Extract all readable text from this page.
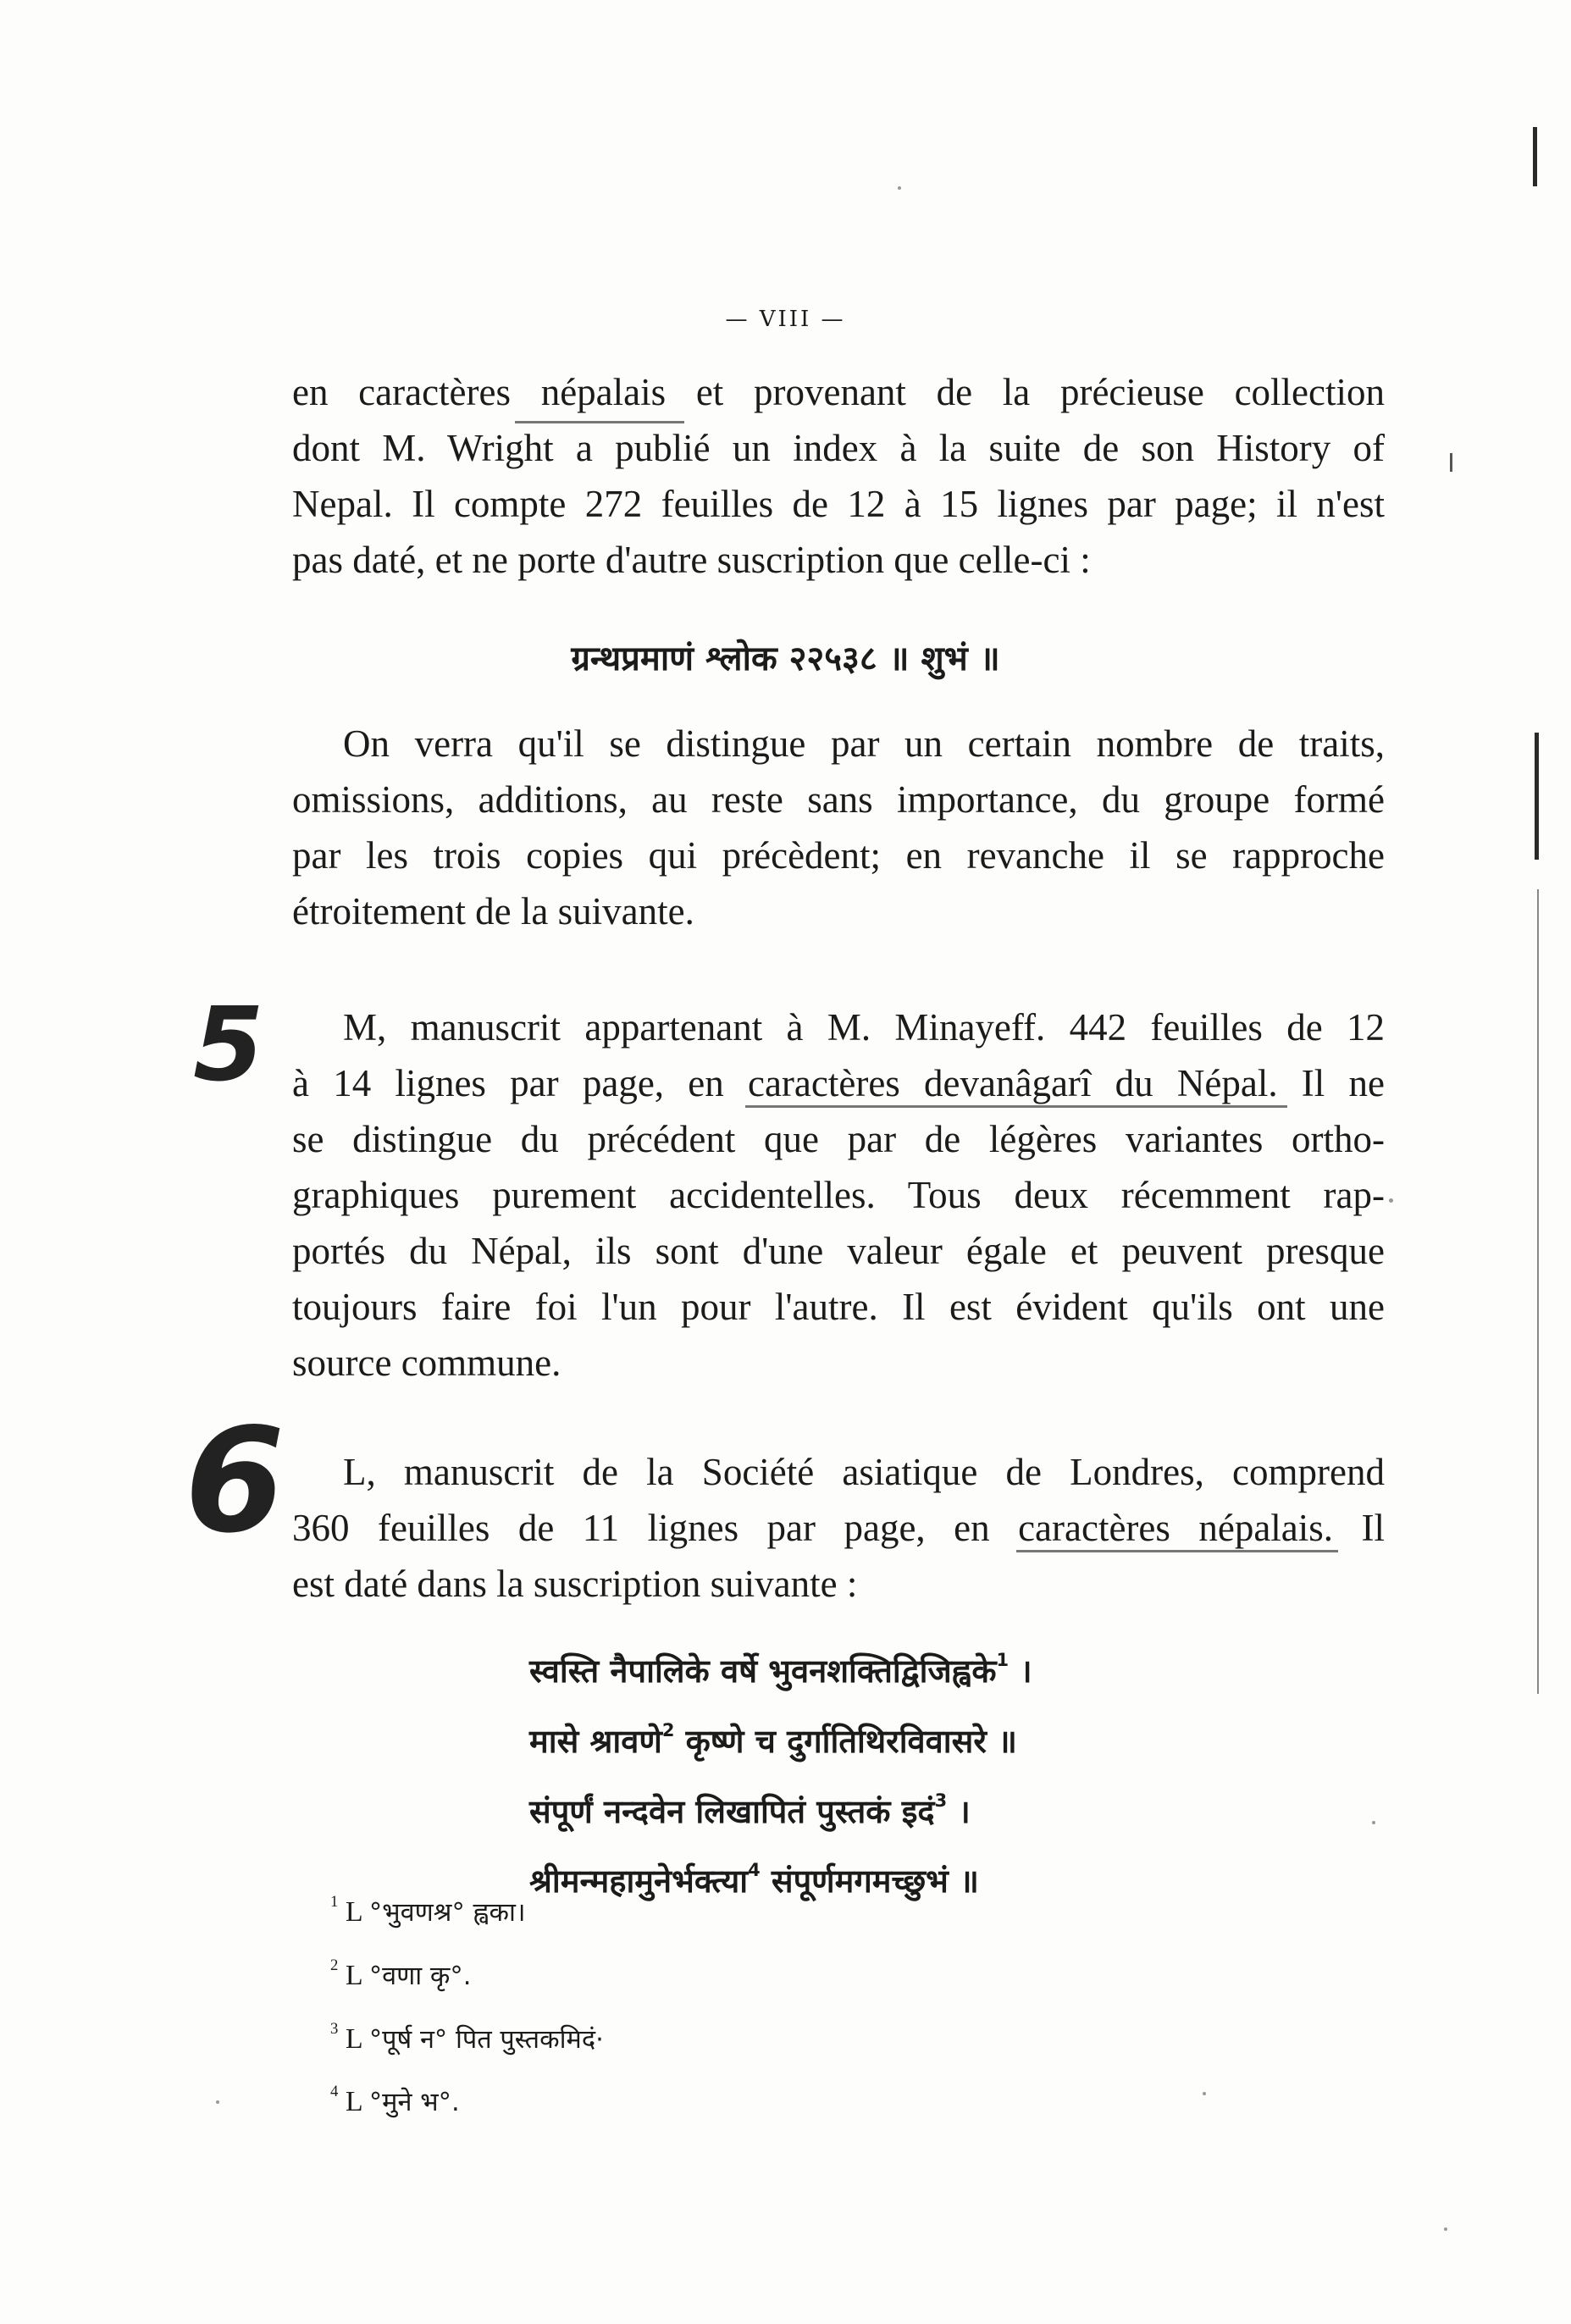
— VIII —
en caractères népalais et provenant de la précieuse collection
dont M. Wright a publié un index à la suite de son History of
Nepal. Il compte 272 feuilles de 12 à 15 lignes par page; il n'est
pas daté, et ne porte d'autre suscription que celle-ci :
ग्रन्थप्रमाणं श्लोक २२५३८ ॥ शुभं ॥
On verra qu'il se distingue par un certain nombre de traits,
omissions, additions, au reste sans importance, du groupe formé
par les trois copies qui précèdent; en revanche il se rapproche
étroitement de la suivante.
M, manuscrit appartenant à M. Minayeff. 442 feuilles de 12
à 14 lignes par page, en caractères devanâgarî du Népal. Il ne
se distingue du précédent que par de légères variantes ortho-
graphiques purement accidentelles. Tous deux récemment rap-
portés du Népal, ils sont d'une valeur égale et peuvent presque
toujours faire foi l'un pour l'autre. Il est évident qu'ils ont une
source commune.
L, manuscrit de la Société asiatique de Londres, comprend
360 feuilles de 11 lignes par page, en caractères népalais. Il
est daté dans la suscription suivante :
स्वस्ति नैपालिके वर्षे भुवनशक्तिद्विजिह्वके$^1$ ।
मासे श्रावणे$^2$ कृष्णे च दुर्गातिथिरविवासरे ॥
संपूर्णं नन्दवेन लिखापितं पुस्तकं इदं$^3$ ।
श्रीमन्महामुनेर्भक्त्या$^4$ संपूर्णमगमच्छुभं ॥
$^1$ L °भुवणश्र° ह्वका।
$^2$ L °वणा कृ°.
$^3$ L °पूर्ष न° पित पुस्तकमिदं·
$^4$ L °मुने भ°.
5
6
